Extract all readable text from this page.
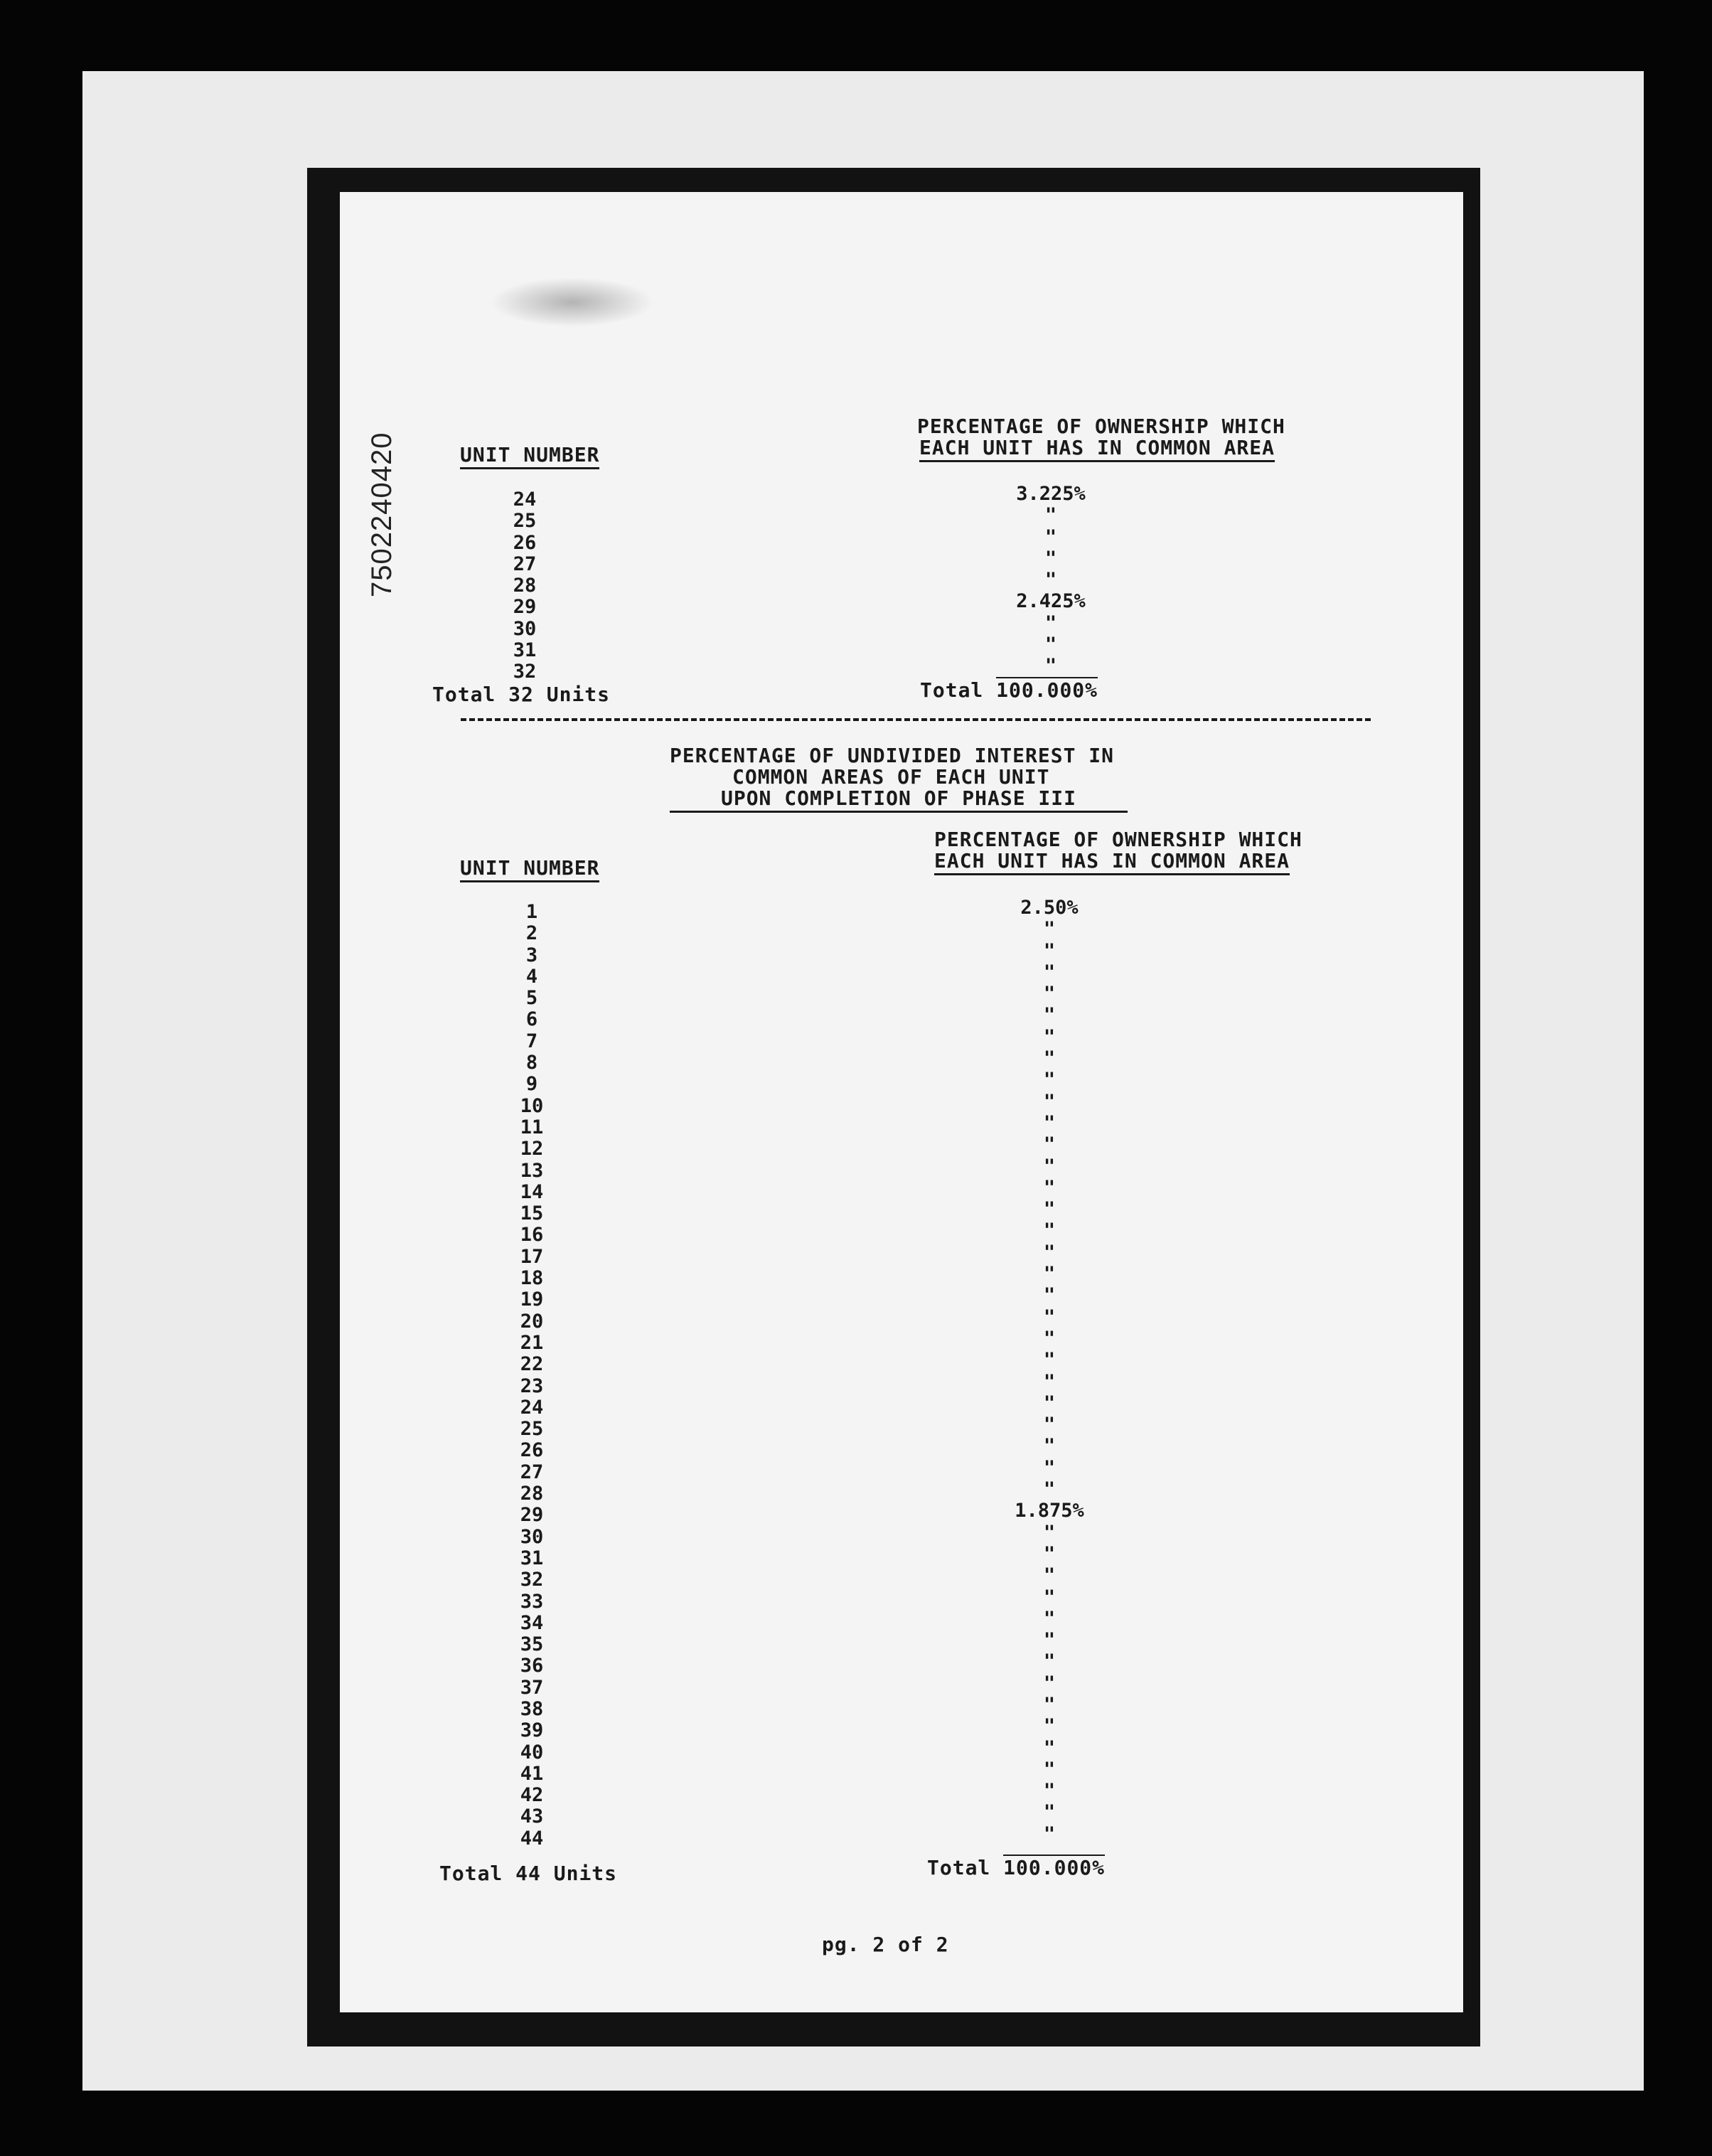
7502240420
PERCENTAGE OF OWNERSHIP WHICH
EACH UNIT HAS IN COMMON AREA
UNIT NUMBER
24
25
26
27
28
29
30
31
32
3.225%
"
"
"
"
2.425%
"
"
"
Total 32 Units	Total 100.000%
PERCENTAGE OF UNDIVIDED INTEREST IN
COMMON AREAS OF EACH UNIT
UPON COMPLETION OF PHASE III
PERCENTAGE OF OWNERSHIP WHICH
EACH UNIT HAS IN COMMON AREA
UNIT NUMBER
1
2
3
4
5
6
7
8
9
10
11
12
13
14
15
16
17
18
19
20
21
22
23
24
25
26
27
28
29
30
31
32
33
34
35
36
37
38
39
40
41
42
43
44
2.50%
"
"
"
"
"
"
"
"
"
"
"
"
"
"
"
"
"
"
"
"
"
"
"
"
"
"
"
1.875%
"
"
"
"
"
"
"
"
"
"
"
"
"
"
"
Total 44 Units	Total 100.000%
pg. 2 of 2
